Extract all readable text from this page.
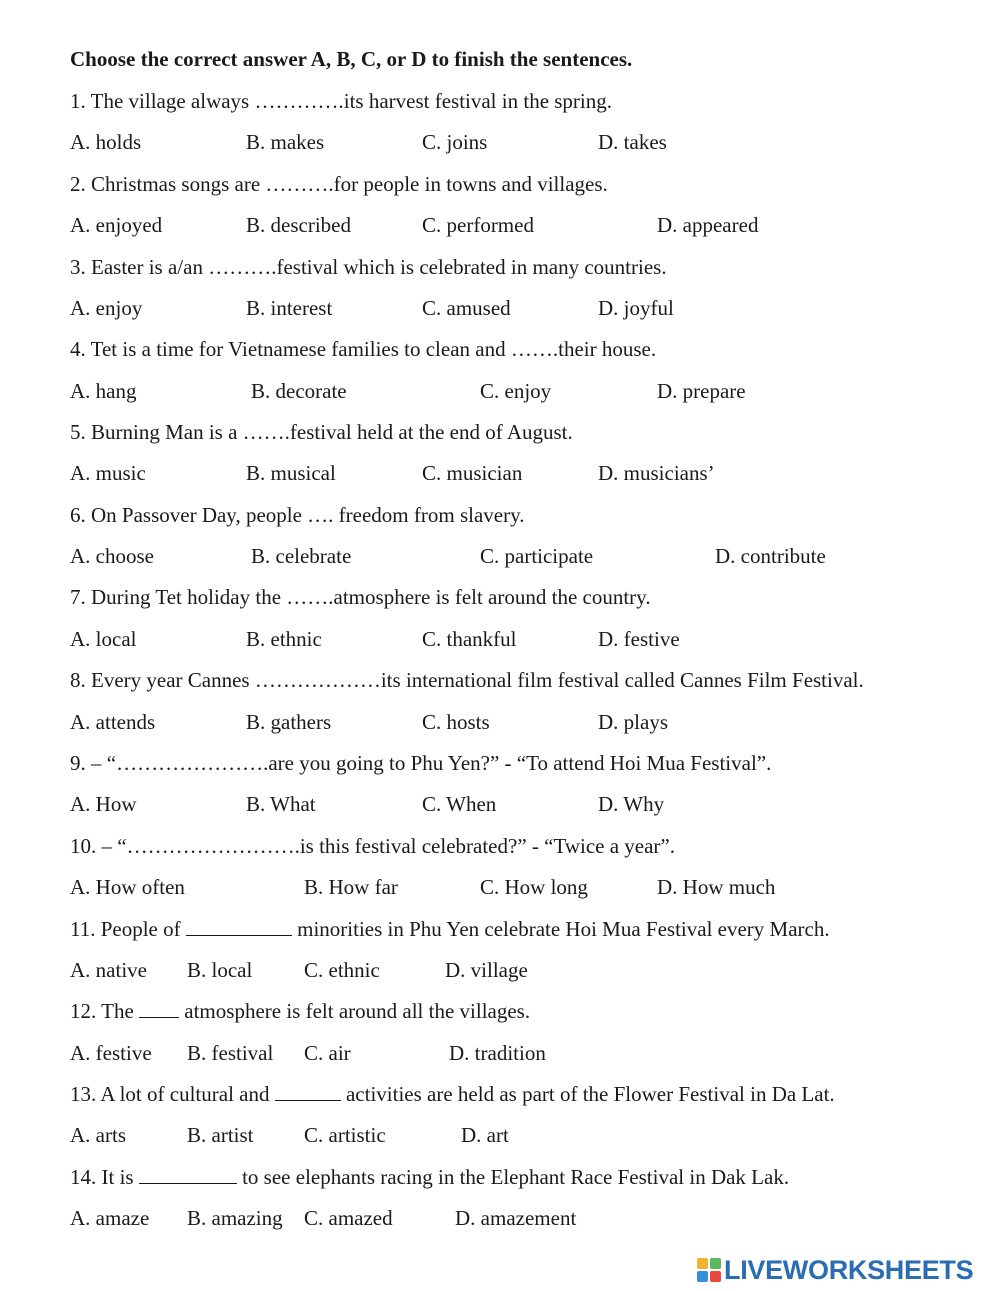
Choose the correct answer A, B, C, or D to finish the sentences.
1. The village always ………….its harvest festival in the spring.
A. holds	B. makes	C. joins	D. takes
2. Christmas songs are ……….for people in towns and villages.
A. enjoyed	B. described	C. performed	D. appeared
3. Easter is a/an ……….festival which is celebrated in many countries.
A. enjoy	B. interest	C. amused	D. joyful
4. Tet is a time for Vietnamese families to clean and …….their house.
A. hang	B. decorate	C. enjoy	D. prepare
5. Burning Man is a …….festival held at the end of August.
A. music	B. musical	C. musician	D. musicians’
6. On Passover Day, people …. freedom from slavery.
A. choose	B. celebrate	C. participate	D. contribute
7. During Tet holiday the …….atmosphere is felt around the country.
A. local	B. ethnic	C. thankful	D. festive
8. Every year Cannes ………………its international film festival called Cannes Film Festival.
A. attends	B. gathers	C. hosts	D. plays
9. – “………………….are you going to Phu Yen?” - “To attend Hoi Mua Festival”.
A. How	B. What	C. When	D. Why
10. – “…………………….is this festival celebrated?” - “Twice a year”.
A. How often	B. How far	C. How long	D. How much
11. People of	minorities in Phu Yen celebrate Hoi Mua Festival every March.
A. native B. local C. ethnic	D. village
12. The atmosphere is felt around all the villages.
A. festive B. festival C. air	D. tradition
13. A lot of cultural and	activities are held as part of the Flower Festival in Da Lat.
A. arts	B. artist C. artistic	D. art
14. It is	to see elephants racing in the Elephant Race Festival in Dak Lak.
A. amaze B. amazing C. amazed	D. amazement
LIVEWORKSHEETS
